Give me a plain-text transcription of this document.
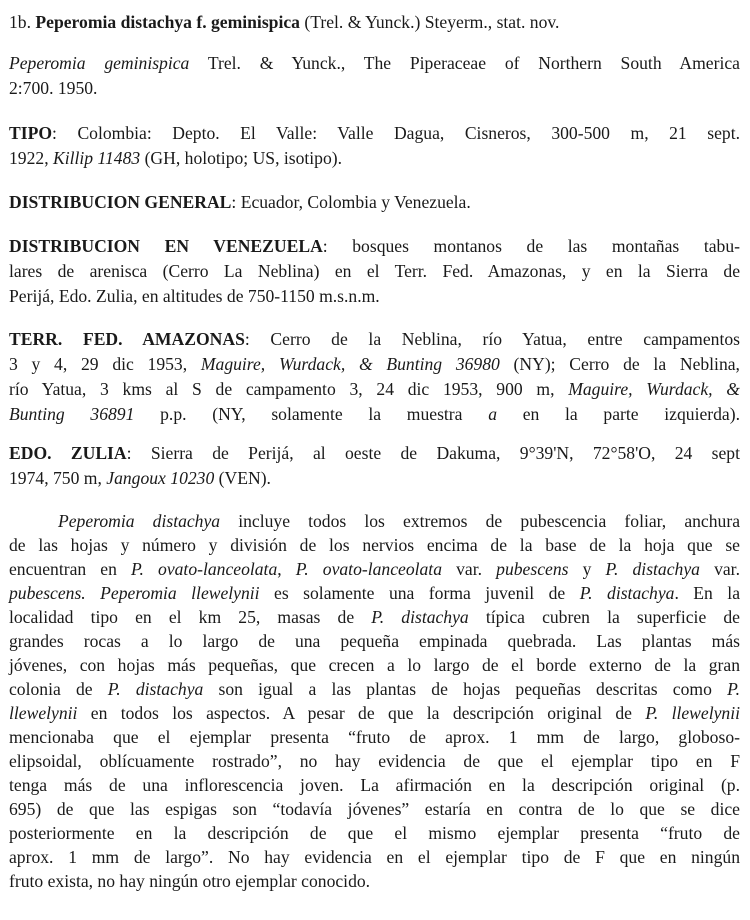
1b. Peperomia distachya f. geminispica (Trel. & Yunck.) Steyerm., stat. nov.
Peperomia geminispica Trel. & Yunck., The Piperaceae of Northern South America
2:700. 1950.
TIPO: Colombia: Depto. El Valle: Valle Dagua, Cisneros, 300-500 m, 21 sept.
1922, Killip 11483 (GH, holotipo; US, isotipo).
DISTRIBUCION GENERAL: Ecuador, Colombia y Venezuela.
DISTRIBUCION EN VENEZUELA: bosques montanos de las montañas tabu-
lares de arenisca (Cerro La Neblina) en el Terr. Fed. Amazonas, y en la Sierra de
Perijá, Edo. Zulia, en altitudes de 750-1150 m.s.n.m.
TERR. FED. AMAZONAS: Cerro de la Neblina, río Yatua, entre campamentos
3 y 4, 29 dic 1953, Maguire, Wurdack, & Bunting 36980 (NY); Cerro de la Neblina,
río Yatua, 3 kms al S de campamento 3, 24 dic 1953, 900 m, Maguire, Wurdack, &
Bunting 36891 p.p. (NY, solamente la muestra a en la parte izquierda).
EDO. ZULIA: Sierra de Perijá, al oeste de Dakuma, 9°39'N, 72°58'O, 24 sept
1974, 750 m, Jangoux 10230 (VEN).
Peperomia distachya incluye todos los extremos de pubescencia foliar, anchura
de las hojas y número y división de los nervios encima de la base de la hoja que se
encuentran en P. ovato-lanceolata, P. ovato-lanceolata var. pubescens y P. distachya var.
pubescens. Peperomia llewelynii es solamente una forma juvenil de P. distachya. En la
localidad tipo en el km 25, masas de P. distachya típica cubren la superficie de
grandes rocas a lo largo de una pequeña empinada quebrada. Las plantas más
jóvenes, con hojas más pequeñas, que crecen a lo largo de el borde externo de la gran
colonia de P. distachya son igual a las plantas de hojas pequeñas descritas como P.
llewelynii en todos los aspectos. A pesar de que la descripción original de P. llewelynii
mencionaba que el ejemplar presenta “fruto de aprox. 1 mm de largo, globoso-
elipsoidal, oblícuamente rostrado”, no hay evidencia de que el ejemplar tipo en F
tenga más de una inflorescencia joven. La afirmación en la descripción original (p.
695) de que las espigas son “todavía jóvenes” estaría en contra de lo que se dice
posteriormente en la descripción de que el mismo ejemplar presenta “fruto de
aprox. 1 mm de largo”. No hay evidencia en el ejemplar tipo de F que en ningún
fruto exista, no hay ningún otro ejemplar conocido.
